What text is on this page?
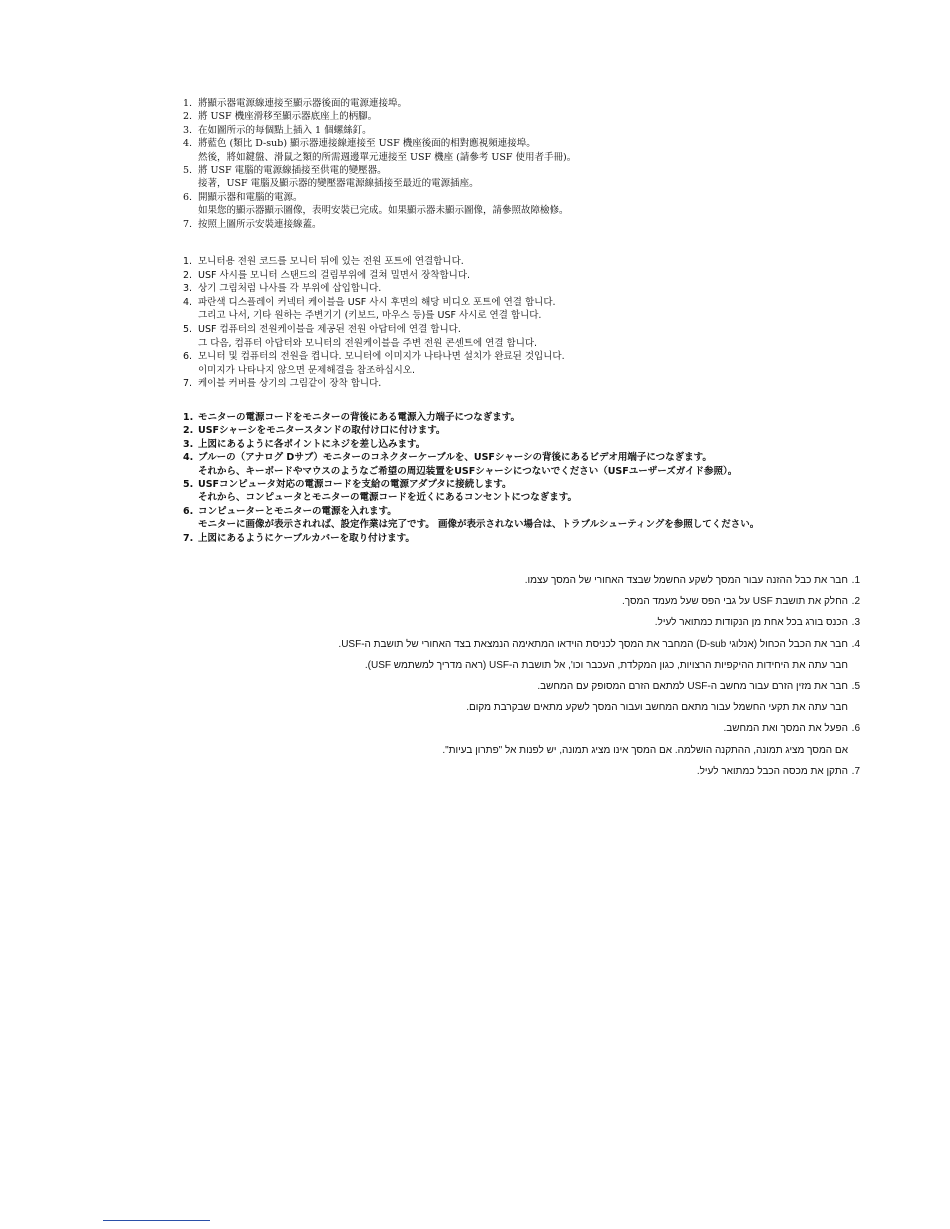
1. 將顯示器電源線連接至顯示器後面的電源連接埠。
2. 將 USF 機座滑移至顯示器底座上的柄腳。
3. 在如圖所示的每個點上插入 1 個螺絲釘。
4. 將藍色 (類比 D-sub) 顯示器連接線連接至 USF 機座後面的相對應視頻連接埠。
然後，將如鍵盤、滑鼠之類的所需週邊單元連接至 USF 機座 (請參考 USF 使用者手冊)。
5. 將 USF 電腦的電源線插接至供電的變壓器。
接著，USF 電腦及顯示器的變壓器電源線插接至最近的電源插座。
6. 開顯示器和電腦的電源。
如果您的顯示器顯示圖像，表明安裝已完成。如果顯示器未顯示圖像，請參照故障檢修。
7. 按照上圖所示安裝連接線蓋。
1. 모니터용 전원 코드를 모니터 뒤에 있는 전원 포트에 연결합니다.
2. USF 사시를 모니터 스탠드의 걸림부위에 걸쳐 밀면서 장착합니다.
3. 상기 그림처럼 나사를 각 부위에 삽입합니다.
4. 파란색 디스플레이 커넥터 케이블을 USF 사시 후면의 해당 비디오 포트에 연결 합니다.
그리고 나서, 기타 원하는 주변기기 (키보드, 마우스 등)를 USF 사시로 연결 합니다.
5. USF 컴퓨터의 전원케이블을 제공된 전원 아답터에 연결 합니다.
그 다음, 컴퓨터 아답터와 모니터의 전원케이블을 주변 전원 콘센트에 연결 합니다.
6. 모니터 및 컴퓨터의 전원을 켭니다. 모니터에 이미지가 나타나면 설치가 완료된 것입니다.
이미지가 나타나지 않으면 문제해결을 참조하십시오.
7. 케이블 커버를 상기의 그림같이 장착 합니다.
1. モニターの電源コードをモニターの背後にある電源入力端子につなぎます。
2. USFシャーシをモニタースタンドの取付け口に付けます。
3. 上図にあるように各ポイントにネジを差し込みます。
4. ブルーの（アナログ Dサブ）モニターのコネクターケーブルを、USFシャーシの背後にあるビデオ用端子につなぎます。
それから、キーボードやマウスのようなご希望の周辺装置をUSFシャーシにつないでください（USFユーザーズガイド参照）。
5. USFコンピュータ対応の電源コードを支給の電源アダプタに接続します。
それから、コンピュータとモニターの電源コードを近くにあるコンセントにつなぎます。
6. コンピューターとモニターの電源を入れます。
モニターに画像が表示されれば、設定作業は完了です。 画像が表示されない場合は、トラブルシューティングを参照してください。
7. 上図にあるようにケーブルカバーを取り付けます。
1.חבר את כבל ההזנה עבור המסך לשקע החשמל שבצד האחורי של המסך עצמו.
2.החלק את תושבת USF על גבי הפס שעל מעמד המסך.
3.הכנס בורג בכל אחת מן הנקודות כמתואר לעיל.
4.חבר את הכבל הכחול (אנלוגי D-sub) המחבר את המסך לכניסת הוידאו המתאימה הנמצאת בצד האחורי של תושבת ה-USF.
חבר עתה את היחידות ההיקפיות הרצויות, כגון המקלדת, העכבר וכו', אל תושבת ה-USF (ראה מדריך למשתמש USF).
5.חבר את מזין הזרם עבור מחשב ה-USF למתאם הזרם המסופק עם המחשב.
חבר עתה את תקעי החשמל עבור מתאם המחשב ועבור המסך לשקע מתאים שבקרבת מקום.
6.הפעל את המסך ואת המחשב.
אם המסך מציג תמונה, ההתקנה הושלמה. אם המסך אינו מציג תמונה, יש לפנות אל "פתרון בעיות".
7.התקן את מכסה הכבל כמתואר לעיל.
